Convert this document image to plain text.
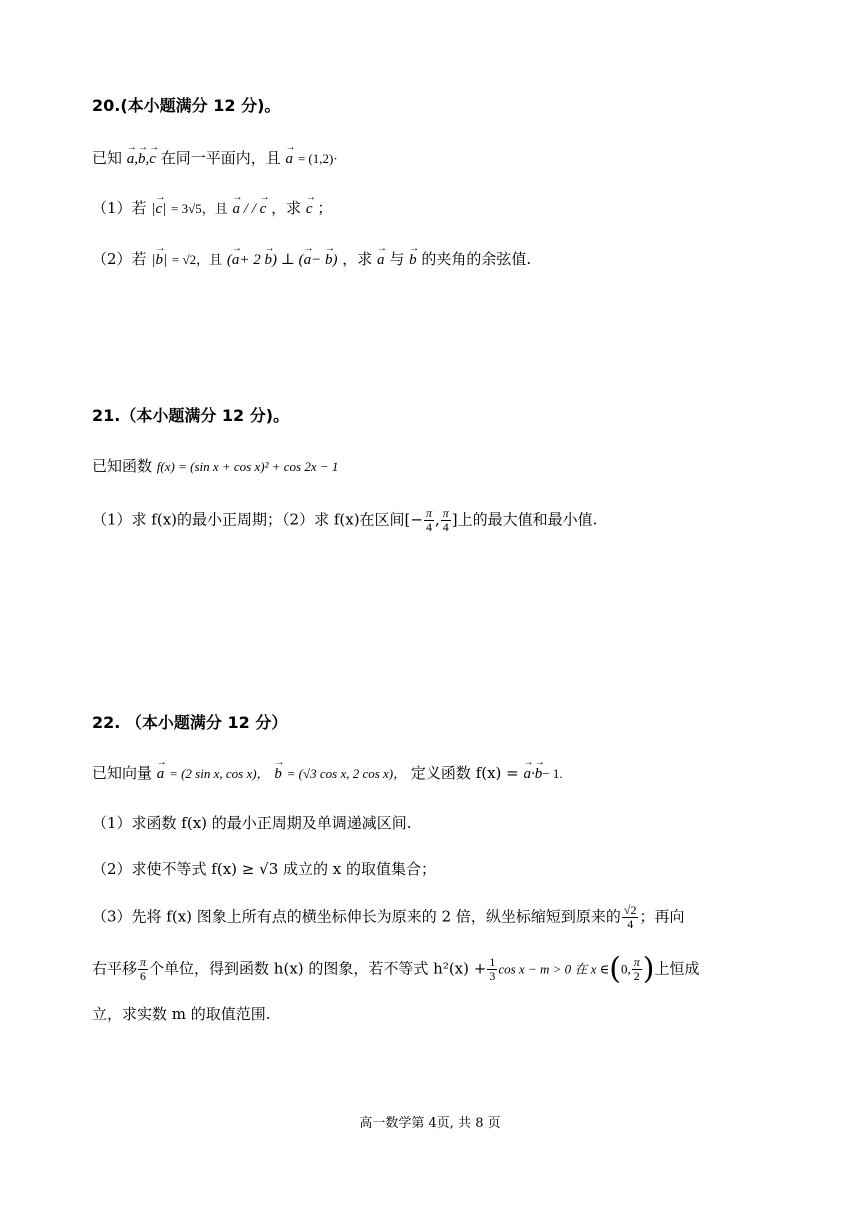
20.(本小题满分 12 分)。
已知 → a,→ b,→ c 在同一平面内，且 → a = (1,2)·
（1）若 |→ c| = 3√5，且 → a / / → c ，求 → c ；
（2）若 |→ b| = √2，且 (→ a+ 2 → b) ⊥ (→ a− → b) ，求 → a 与 → b 的夹角的余弦值.
21.（本小题满分 12 分)。
已知函数 f(x) = (sin x + cos x)² + cos 2x − 1
（1）求 f(x)的最小正周期；（2）求 f(x)在区间[− $\frac{\pi}{4}$ , $\frac{\pi}{4}$ ]上的最大值和最小值.
22. （本小题满分 12 分）
已知向量 → a = (2 sin x, cos x)， → b = (√3 cos x, 2 cos x)， 定义函数 f(x) = → a·→ b− 1.
（1）求函数 f(x) 的最小正周期及单调递减区间.
（2）求使不等式 f(x) ≥ √3 成立的 x 的取值集合；
（3）先将 f(x) 图象上所有点的横坐标伸长为原来的 2 倍，纵坐标缩短到原来的 $\frac{√2}{4}$ ；再向
右平移 $\frac{\pi}{6}$ 个单位，得到函数 h(x) 的图象，若不等式 $h^2(x) + \frac{1}{3}$ cos x − m > 0 在 x ∈(0, $\frac{\pi}{2}$ )上恒成
立，求实数 m 的取值范围.
高一数学第 4页, 共 8 页
